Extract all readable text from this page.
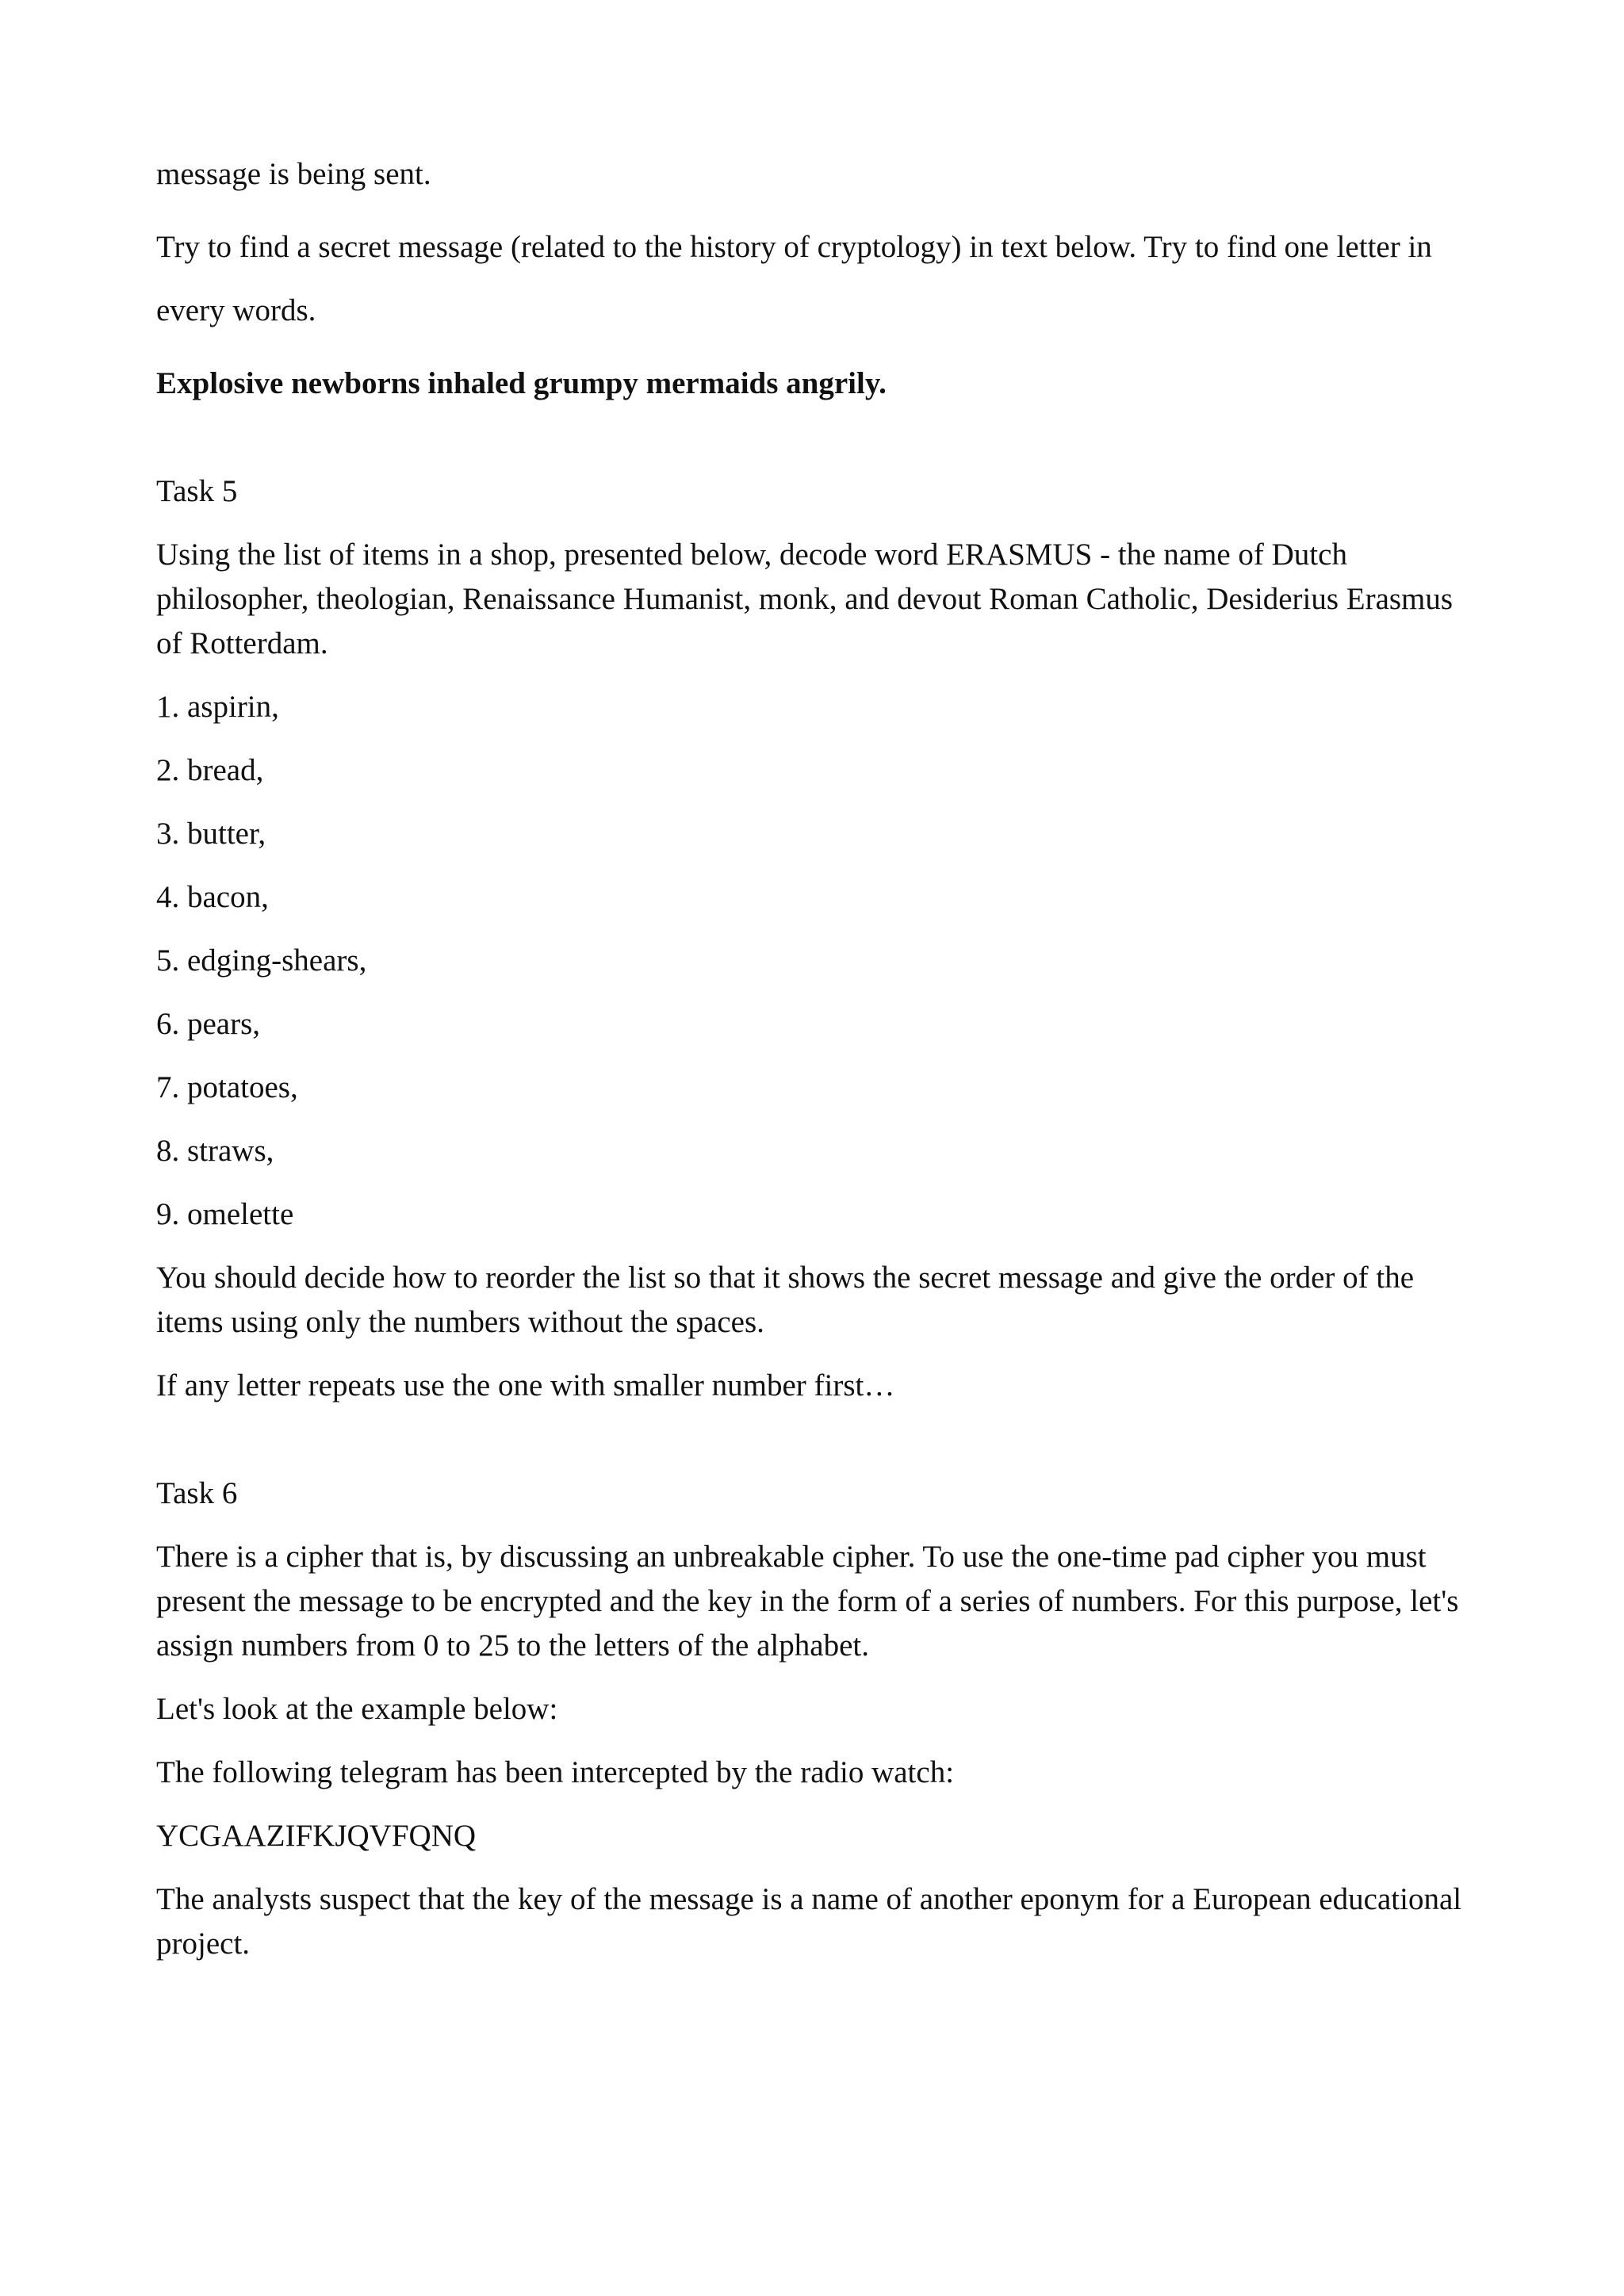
message is being sent.

Try to find a secret message (related to the history of cryptology) in text below. Try to find one letter in every words.

Explosive newborns inhaled grumpy mermaids angrily.

Task 5

Using the list of items in a shop, presented below, decode word ERASMUS - the name of Dutch philosopher, theologian, Renaissance Humanist, monk, and devout Roman Catholic, Desiderius Erasmus of Rotterdam.

1. aspirin,
2. bread,
3. butter,
4. bacon,
5. edging-shears,
6. pears,
7. potatoes,
8. straws,
9. omelette

You should decide how to reorder the list so that it shows the secret message and give the order of the items using only the numbers without the spaces.

If any letter repeats use the one with smaller number first…

Task 6

There is a cipher that is, by discussing an unbreakable cipher. To use the one-time pad cipher you must present the message to be encrypted and the key in the form of a series of numbers. For this purpose, let's assign numbers from 0 to 25 to the letters of the alphabet.

Let's look at the example below:

The following telegram has been intercepted by the radio watch:

YCGAAZIFKJQVFQNQ

The analysts suspect that the key of the message is a name of another eponym for a European educational project.
